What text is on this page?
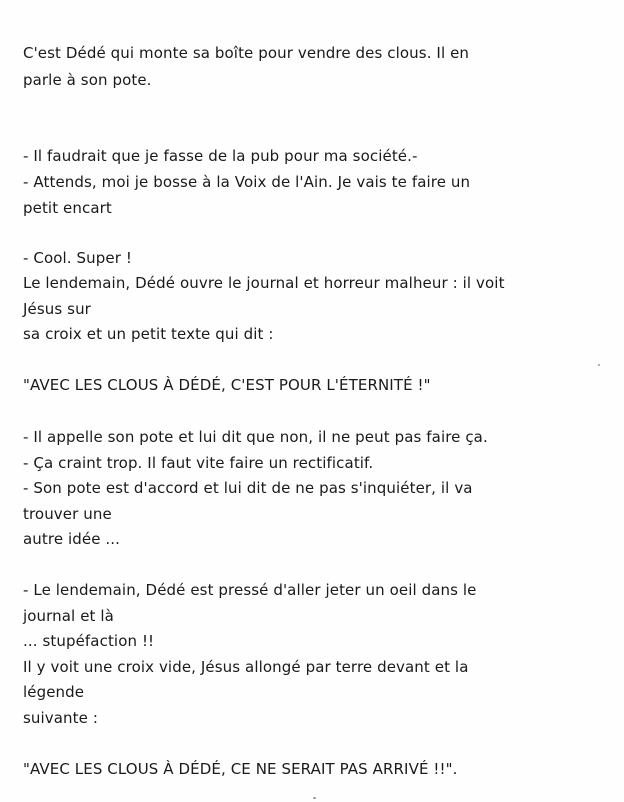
C'est Dédé qui monte sa boîte pour vendre des clous. Il en

parle à son pote.

- Il faudrait que je fasse de la pub pour ma société.-

- Attends, moi je bosse à la Voix de l'Ain. Je vais te faire un

petit encart

- Cool. Super !

Le lendemain, Dédé ouvre le journal et horreur malheur : il voit

Jésus sur

sa croix et un petit texte qui dit :

"AVEC LES CLOUS À DÉDÉ, C'EST POUR L'ÉTERNITÉ !"

- Il appelle son pote et lui dit que non, il ne peut pas faire ça.

- Ça craint trop. Il faut vite faire un rectificatif.

- Son pote est d'accord et lui dit de ne pas s'inquiéter, il va

trouver une

autre idée ...

- Le lendemain, Dédé est pressé d'aller jeter un oeil dans le

journal et là

... stupéfaction !!

Il y voit une croix vide, Jésus allongé par terre devant et la

légende

suivante :

"AVEC LES CLOUS À DÉDÉ, CE NE SERAIT PAS ARRIVÉ !!".
